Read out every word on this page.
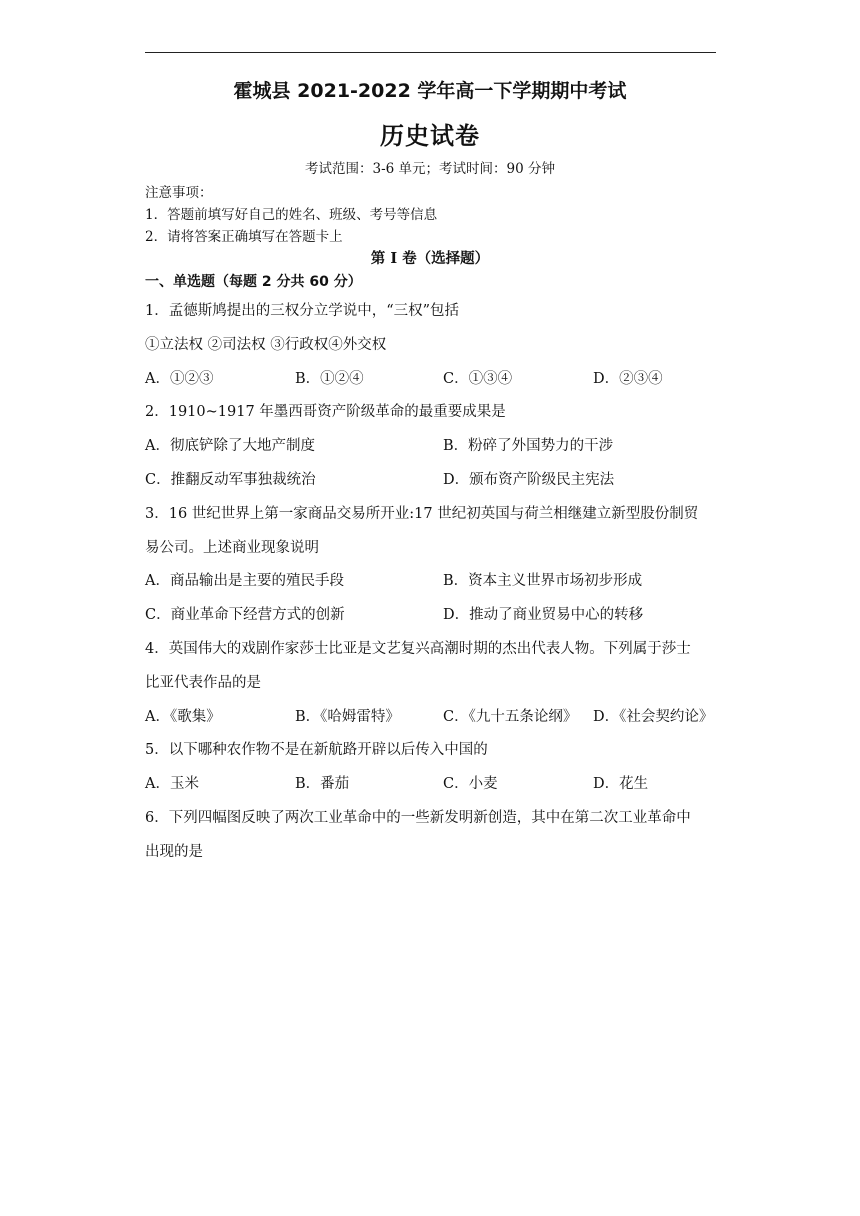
霍城县 2021-2022 学年高一下学期期中考试
历史试卷
考试范围：3-6 单元；考试时间：90 分钟
注意事项：
1．答题前填写好自己的姓名、班级、考号等信息
2．请将答案正确填写在答题卡上
第 I 卷（选择题）
一、单选题（每题 2 分共 60 分）
1．孟德斯鸠提出的三权分立学说中，“三权”包括
①立法权 ②司法权 ③行政权④外交权
A．①②③	B．①②④	C．①③④	D．②③④
2．1910~1917 年墨西哥资产阶级革命的最重要成果是
A．彻底铲除了大地产制度	B．粉碎了外国势力的干涉
C．推翻反动军事独裁统治	D．颁布资产阶级民主宪法
3．16 世纪世界上第一家商品交易所开业:17 世纪初英国与荷兰相继建立新型股份制贸
易公司。上述商业现象说明
A．商品输出是主要的殖民手段	B．资本主义世界市场初步形成
C．商业革命下经营方式的创新	D．推动了商业贸易中心的转移
4．英国伟大的戏剧作家莎士比亚是文艺复兴高潮时期的杰出代表人物。下列属于莎士
比亚代表作品的是
A．《歌集》	B．《哈姆雷特》	C．《九十五条论纲》 D．《社会契约论》
5．以下哪种农作物不是在新航路开辟以后传入中国的
A．玉米	B．番茄	C．小麦	D．花生
6．下列四幅图反映了两次工业革命中的一些新发明新创造，其中在第二次工业革命中
出现的是
